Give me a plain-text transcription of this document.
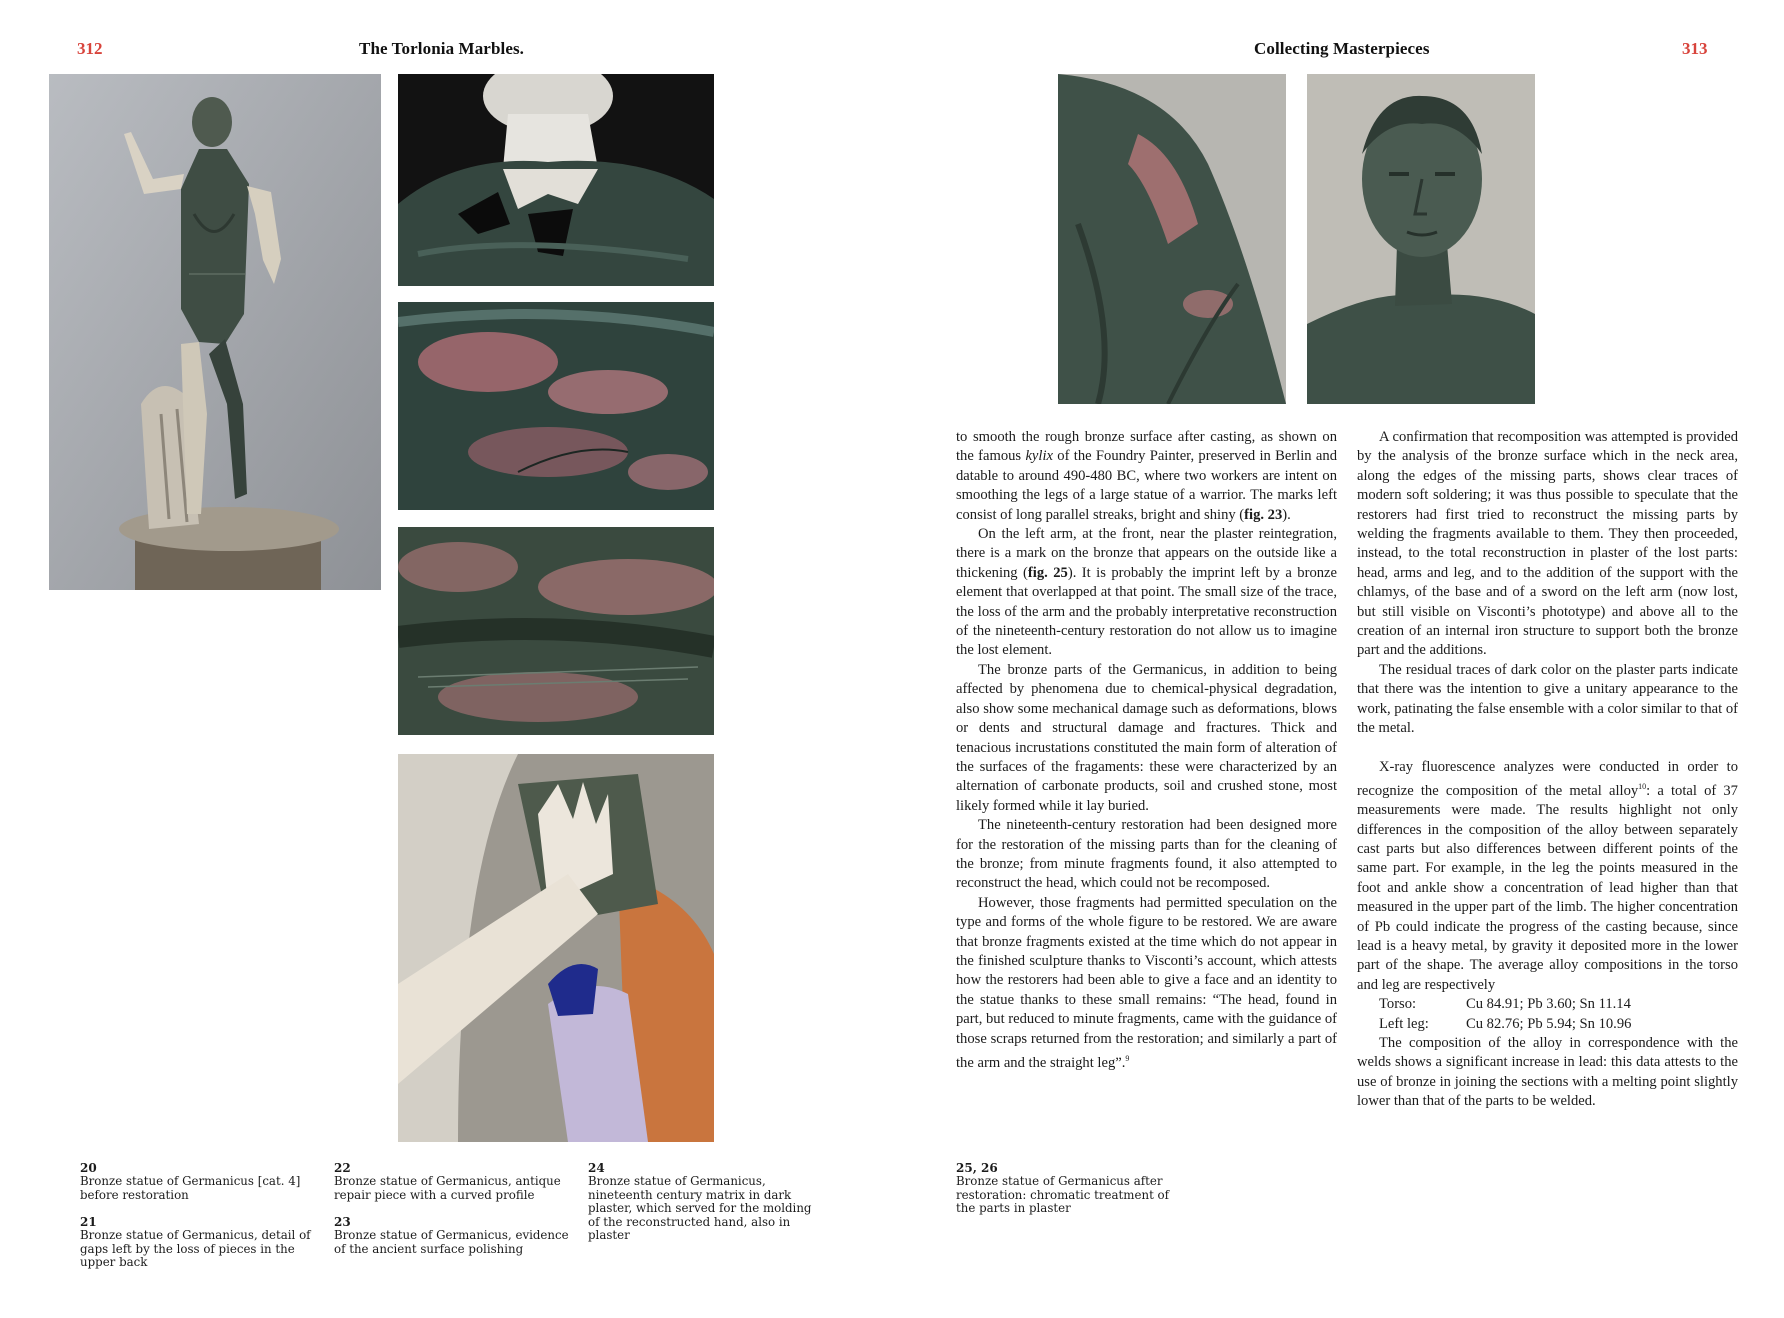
312	The Torlonia Marbles.	Collecting Masterpieces	313

to smooth the rough bronze surface after casting, as shown on the famous kylix of the Foundry Painter, preserved in Berlin and datable to around 490-480 BC, where two workers are intent on smoothing the legs of a large statue of a warrior. The marks left consist of long parallel streaks, bright and shiny (fig. 23).

On the left arm, at the front, near the plaster reintegration, there is a mark on the bronze that appears on the outside like a thickening (fig. 25). It is probably the imprint left by a bronze element that overlapped at that point. The small size of the trace, the loss of the arm and the probably interpretative reconstruction of the nineteenth-century restoration do not allow us to imagine the lost element.

The bronze parts of the Germanicus, in addition to being affected by phenomena due to chemical-physical degradation, also show some mechanical damage such as deformations, blows or dents and structural damage and fractures. Thick and tenacious incrustations constituted the main form of alteration of the surfaces of the fragaments: these were characterized by an alternation of carbonate products, soil and crushed stone, most likely formed while it lay buried.

The nineteenth-century restoration had been designed more for the restoration of the missing parts than for the cleaning of the bronze; from minute fragments found, it also attempted to reconstruct the head, which could not be recomposed.

However, those fragments had permitted speculation on the type and forms of the whole figure to be restored. We are aware that bronze fragments existed at the time which do not appear in the finished sculpture thanks to Visconti’s account, which attests how the restorers had been able to give a face and an identity to the statue thanks to these small remains: “The head, found in part, but reduced to minute fragments, came with the guidance of those scraps returned from the restoration; and similarly a part of the arm and the straight leg”.$^9$

A confirmation that recomposition was attempted is provided by the analysis of the bronze surface which in the neck area, along the edges of the missing parts, shows clear traces of modern soft soldering; it was thus possible to speculate that the restorers had first tried to reconstruct the missing parts by welding the fragments available to them. They then proceeded, instead, to the total reconstruction in plaster of the lost parts: head, arms and leg, and to the addition of the support with the chlamys, of the base and of a sword on the left arm (now lost, but still visible on Visconti’s phototype) and above all to the creation of an internal iron structure to support both the bronze part and the additions.

The residual traces of dark color on the plaster parts indicate that there was the intention to give a unitary appearance to the work, patinating the false ensemble with a color similar to that of the metal.

X-ray fluorescence analyzes were conducted in order to recognize the composition of the metal alloy$^{10}$: a total of 37 measurements were made. The results highlight not only differences in the composition of the alloy between separately cast parts but also differences between different points of the same part. For example, in the leg the points measured in the foot and ankle show a concentration of lead higher than that measured in the upper part of the limb. The higher concentration of Pb could indicate the progress of the casting because, since lead is a heavy metal, by gravity it deposited more in the lower part of the shape. The average alloy compositions in the torso and leg are respectively

Torso:	Cu 84.91; Pb 3.60; Sn 11.14
Left leg:	Cu 82.76; Pb 5.94; Sn 10.96

The composition of the alloy in correspondence with the welds shows a significant increase in lead: this data attests to the use of bronze in joining the sections with a melting point slightly lower than that of the parts to be welded.

20
Bronze statue of Germanicus [cat. 4] before restoration
21
Bronze statue of Germanicus, detail of gaps left by the loss of pieces in the upper back
22
Bronze statue of Germanicus, antique repair piece with a curved profile
23
Bronze statue of Germanicus, evidence of the ancient surface polishing
24
Bronze statue of Germanicus, nineteenth century matrix in dark plaster, which served for the molding of the reconstructed hand, also in plaster
25, 26
Bronze statue of Germanicus after restoration: chromatic treatment of the parts in plaster
